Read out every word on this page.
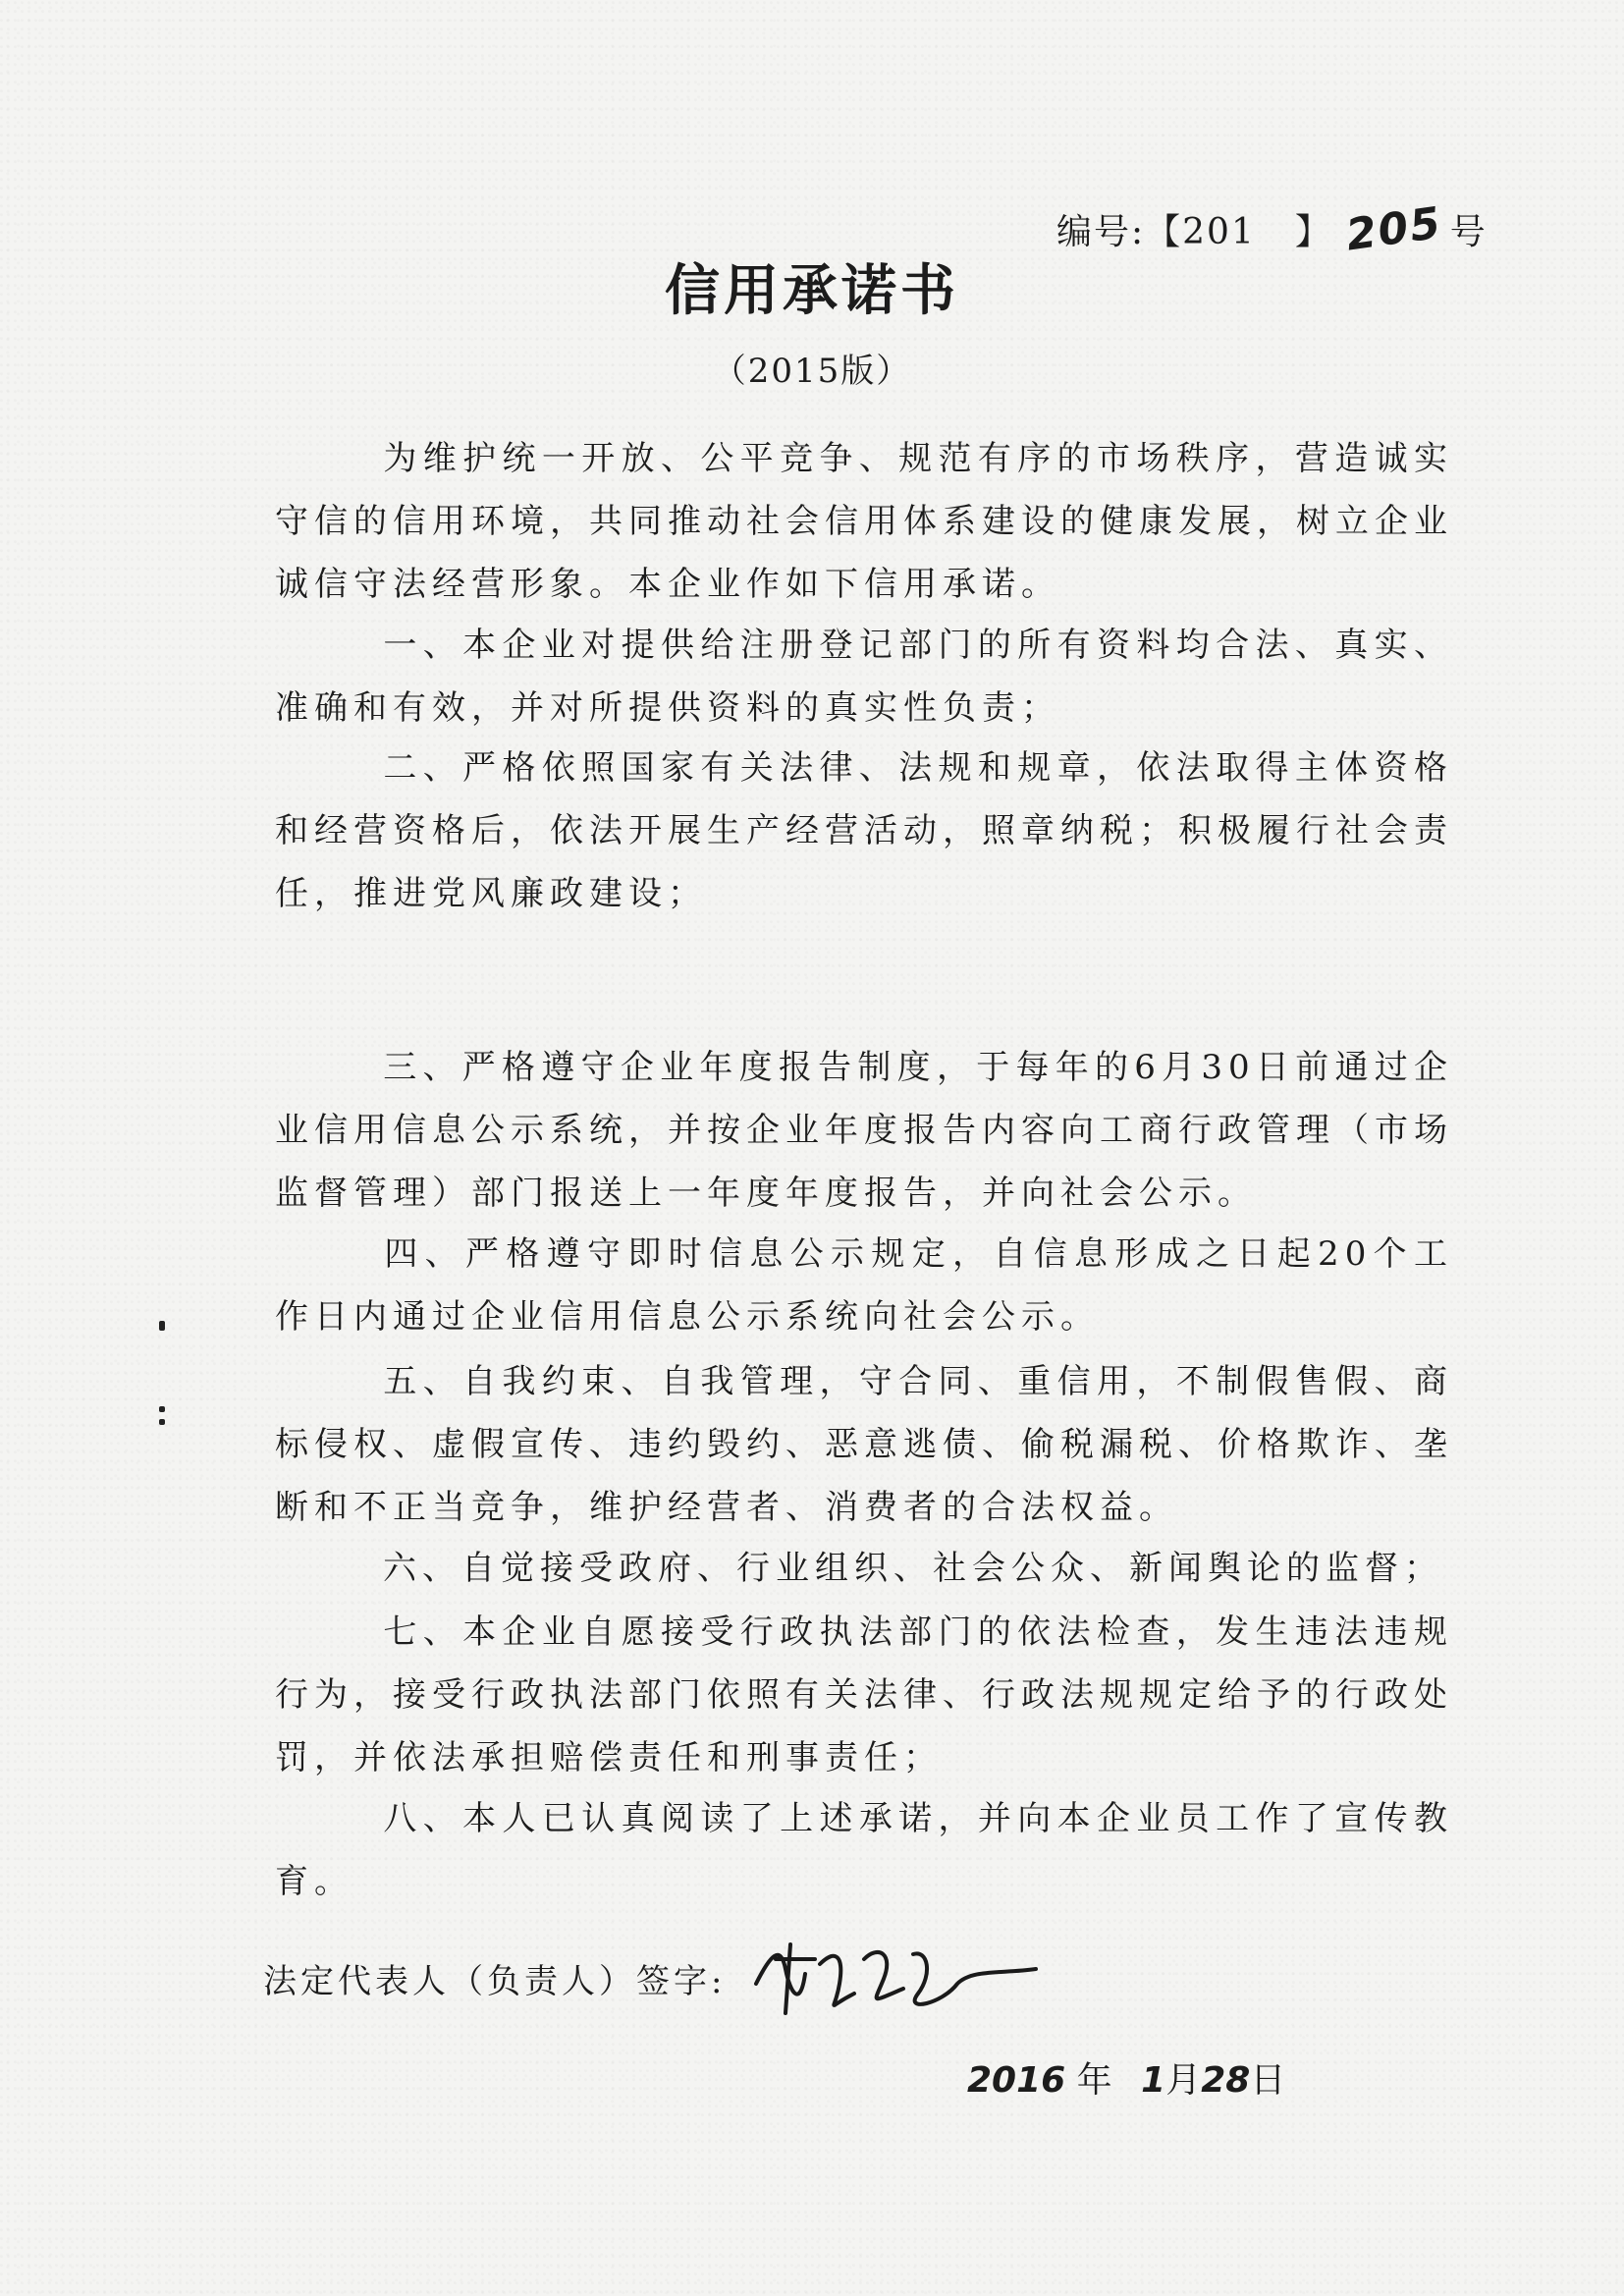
编号:【201 】 205 号
信用承诺书
（2015版）
为维护统一开放、公平竞争、规范有序的市场秩序，营造诚实守信的信用环境，共同推动社会信用体系建设的健康发展，树立企业诚信守法经营形象。本企业作如下信用承诺。
一、本企业对提供给注册登记部门的所有资料均合法、真实、准确和有效，并对所提供资料的真实性负责；
二、严格依照国家有关法律、法规和规章，依法取得主体资格和经营资格后，依法开展生产经营活动，照章纳税；积极履行社会责任，推进党风廉政建设；
三、严格遵守企业年度报告制度，于每年的6月30日前通过企业信用信息公示系统，并按企业年度报告内容向工商行政管理（市场监督管理）部门报送上一年度年度报告，并向社会公示。
四、严格遵守即时信息公示规定，自信息形成之日起20个工作日内通过企业信用信息公示系统向社会公示。
五、自我约束、自我管理，守合同、重信用，不制假售假、商标侵权、虚假宣传、违约毁约、恶意逃债、偷税漏税、价格欺诈、垄断和不正当竞争，维护经营者、消费者的合法权益。
六、自觉接受政府、行业组织、社会公众、新闻舆论的监督；
七、本企业自愿接受行政执法部门的依法检查，发生违法违规行为，接受行政执法部门依照有关法律、行政法规规定给予的行政处罚，并依法承担赔偿责任和刑事责任；
八、本人已认真阅读了上述承诺，并向本企业员工作了宣传教育。
法定代表人（负责人）签字:
2016 年 1月28日
